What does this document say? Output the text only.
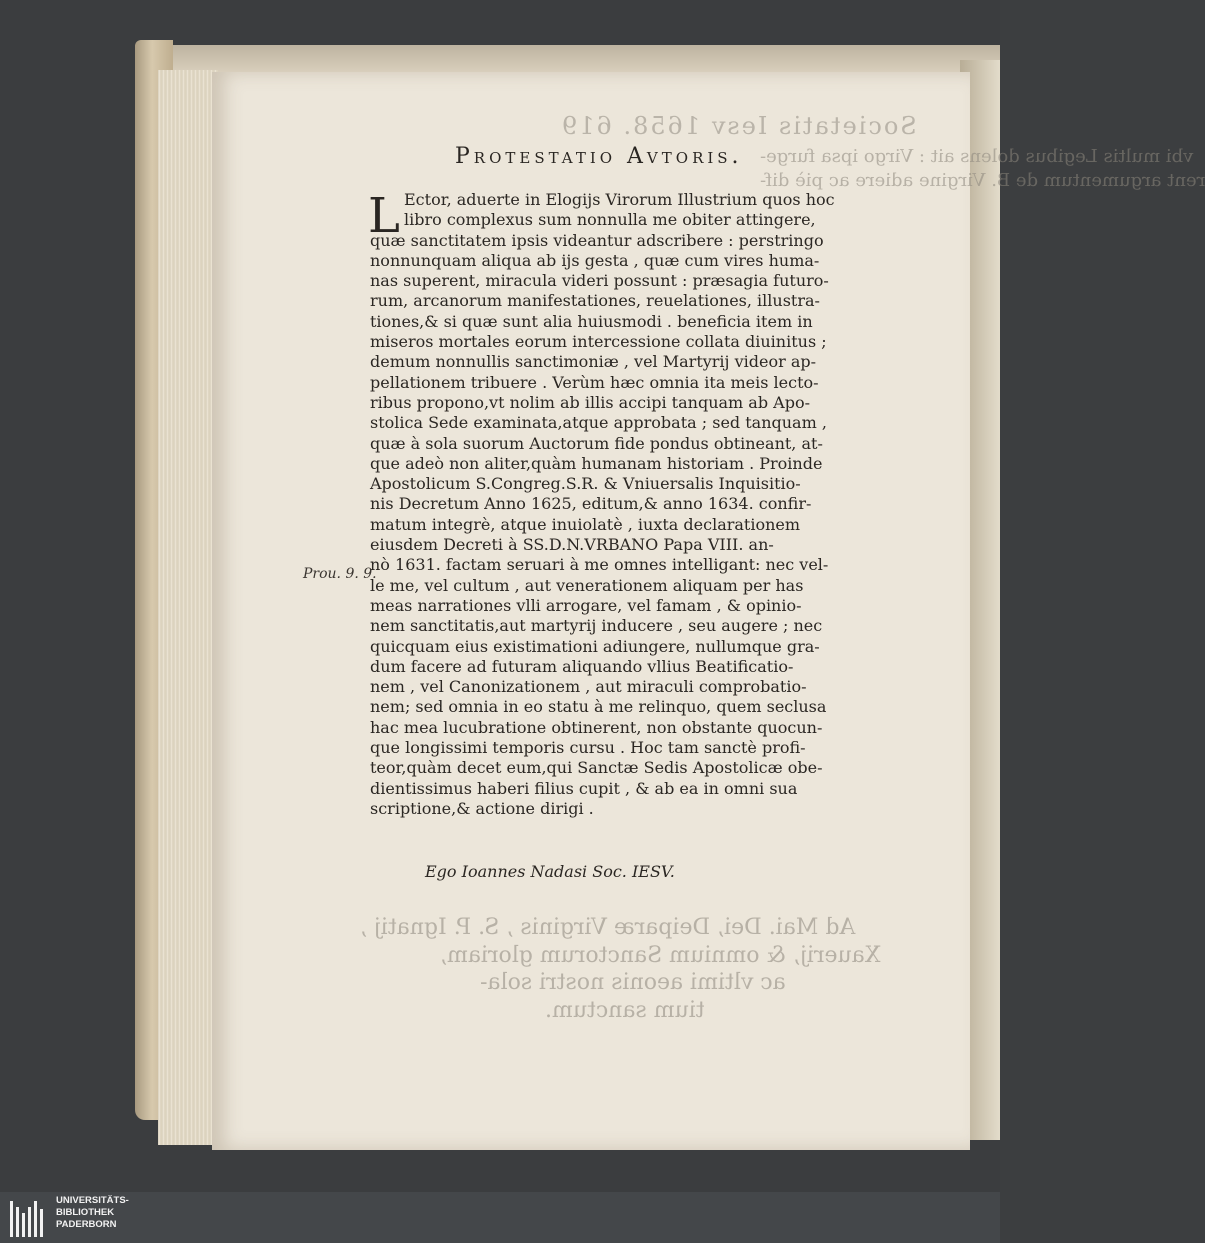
Societatis Iesv 1658. 619
vbi multis Legibus dolens ait : Virgo ipsa furge-
rent argumentum de B. Virgine adiere ac piè dif-
Ad Mai. Dei, Deiparæ Virginis , S. P. Ignatij ,
Xauerij, & omnium Sanctorum gloriam,
ac vltimi aeonis nostri sola-
tium sanctum.
Protestatio Avtoris.
L Ector, aduerte in Elogijs Virorum Illustrium quos hoc
libro complexus sum nonnulla me obiter attingere,
quæ sanctitatem ipsis videantur adscribere : perstringo
nonnunquam aliqua ab ijs gesta , quæ cum vires huma-
nas superent, miracula videri possunt : præsagia futuro-
rum, arcanorum manifestationes, reuelationes, illustra-
tiones,& si quæ sunt alia huiusmodi . beneficia item in
miseros mortales eorum intercessione collata diuinitus ;
demum nonnullis sanctimoniæ , vel Martyrij videor ap-
pellationem tribuere . Verùm hæc omnia ita meis lecto-
ribus propono,vt nolim ab illis accipi tanquam ab Apo-
stolica Sede examinata,atque approbata ; sed tanquam ,
quæ à sola suorum Auctorum fide pondus obtineant, at-
que adeò non aliter,quàm humanam historiam . Proinde
Apostolicum S.Congreg.S.R. & Vniuersalis Inquisitio-
nis Decretum Anno 1625, editum,& anno 1634. confir-
matum integrè, atque inuiolatè , iuxta declarationem
eiusdem Decreti à SS.D.N.VRBANO Papa VIII. an-
nò 1631. factam seruari à me omnes intelligant: nec vel-
le me, vel cultum , aut venerationem aliquam per has
meas narrationes vlli arrogare, vel famam , & opinio-
nem sanctitatis,aut martyrij inducere , seu augere ; nec
quicquam eius existimationi adiungere, nullumque gra-
dum facere ad futuram aliquando vllius Beatificatio-
nem , vel Canonizationem , aut miraculi comprobatio-
nem; sed omnia in eo statu à me relinquo, quem seclusa
hac mea lucubratione obtinerent, non obstante quocun-
que longissimi temporis cursu . Hoc tam sanctè profi-
teor,quàm decet eum,qui Sanctæ Sedis Apostolicæ obe-
dientissimus haberi filius cupit , & ab ea in omni sua
scriptione,& actione dirigi .
Prou. 9. 9.
Ego Ioannes Nadasi Soc. IESV.
UNIVERSITÄTS-
BIBLIOTHEK
PADERBORN
